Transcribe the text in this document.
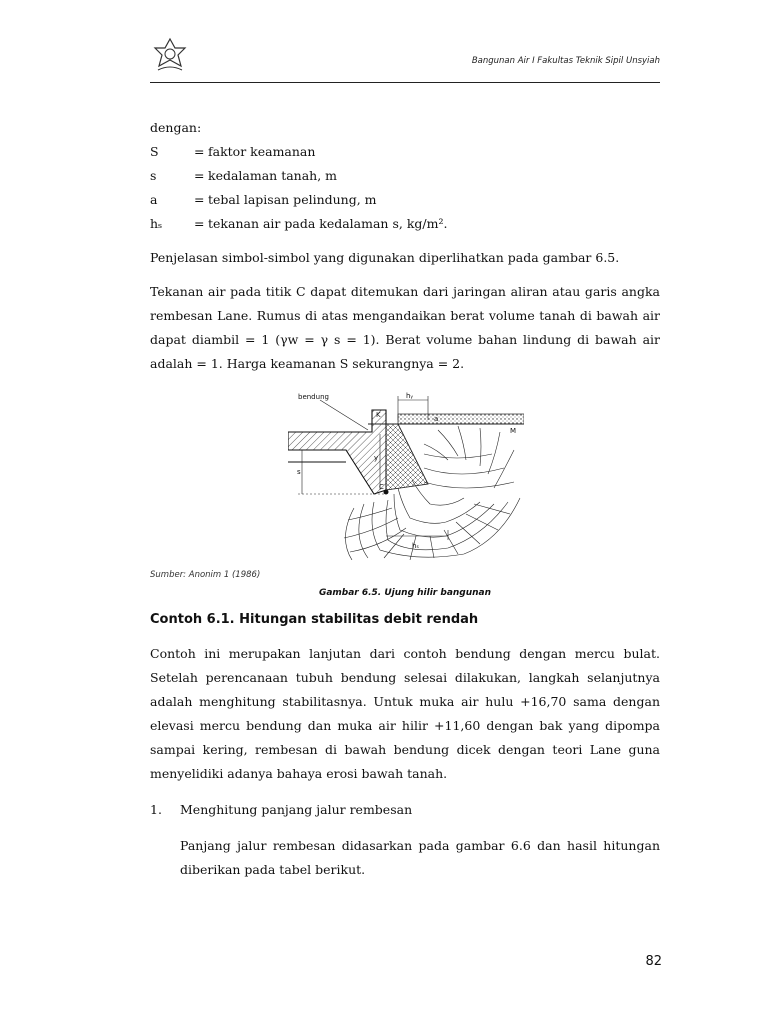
Bangunan Air I Fakultas Teknik Sipil Unsyiah
dengan:
S	= faktor keamanan
s	= kedalaman tanah, m
a	= tebal lapisan pelindung, m
hₛ	= tekanan air pada kedalaman s, kg/m².

Penjelasan simbol-simbol yang digunakan diperlihatkan pada gambar 6.5.

Tekanan air pada titik C dapat ditemukan dari jaringan aliran atau garis angka rembesan Lane. Rumus di atas mengandaikan berat volume tanah di bawah air dapat diambil = 1 (γw = γ s = 1). Berat volume bahan lindung di bawah air adalah = 1. Harga keamanan S sekurangnya = 2.

bendung
K
C
s
a
M
hᵧ
hₛ
y
Sumber: Anonim 1 (1986)
Gambar 6.5. Ujung hilir bangunan
Contoh 6.1. Hitungan stabilitas debit rendah

Contoh ini merupakan lanjutan dari contoh bendung dengan mercu bulat. Setelah perencanaan tubuh bendung selesai dilakukan, langkah selanjutnya adalah menghitung stabilitasnya. Untuk muka air hulu +16,70 sama dengan elevasi mercu bendung dan muka air hilir +11,60 dengan bak yang dipompa sampai kering, rembesan di bawah bendung dicek dengan teori Lane guna menyelidiki adanya bahaya erosi bawah tanah.

1.	Menghitung panjang jalur rembesan

Panjang jalur rembesan didasarkan pada gambar 6.6 dan hasil hitungan diberikan pada tabel berikut.

82
